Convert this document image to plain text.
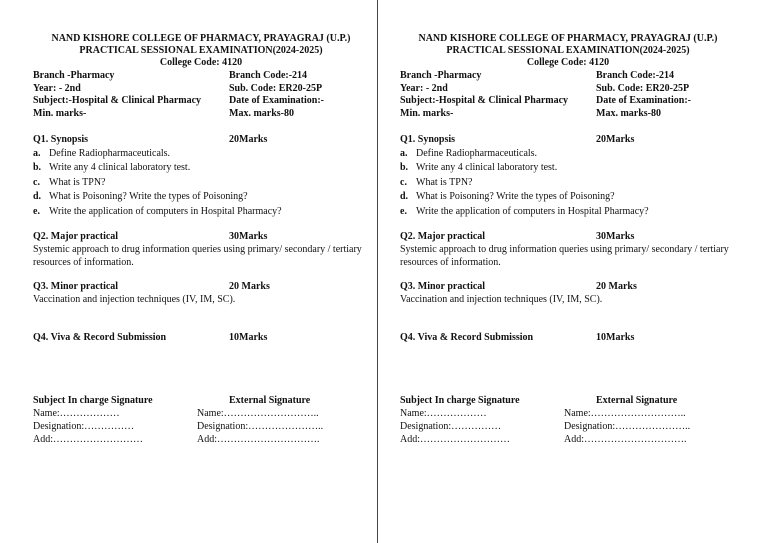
NAND KISHORE COLLEGE OF PHARMACY, PRAYAGRAJ (U.P.)
PRACTICAL SESSIONAL EXAMINATION(2024-2025)
College Code: 4120
Branch -Pharmacy	Branch Code:-214
Year: - 2nd	Sub. Code: ER20-25P
Subject:-Hospital & Clinical Pharmacy	Date of Examination:-
Min. marks-	Max. marks-80
Q1. Synopsis	20Marks
a. Define Radiopharmaceuticals.
b. Write any 4 clinical laboratory test.
c. What is TPN?
d. What is Poisoning? Write the types of Poisoning?
e. Write the application of computers in Hospital Pharmacy?
Q2. Major practical	30Marks
Systemic approach to drug information queries using primary/ secondary / tertiary resources of information.
Q3. Minor practical	20 Marks
Vaccination and injection techniques (IV, IM, SC).
Q4. Viva & Record Submission	10Marks
Subject In charge Signature	External Signature
Name:………………	Name:………………………..
Designation:……………	Designation:…………………..
Add:………………………	Add:………………………….
NAND KISHORE COLLEGE OF PHARMACY, PRAYAGRAJ (U.P.)
PRACTICAL SESSIONAL EXAMINATION(2024-2025)
College Code: 4120
Branch -Pharmacy	Branch Code:-214
Year: - 2nd	Sub. Code: ER20-25P
Subject:-Hospital & Clinical Pharmacy	Date of Examination:-
Min. marks-	Max. marks-80
Q1. Synopsis	20Marks
a. Define Radiopharmaceuticals.
b. Write any 4 clinical laboratory test.
c. What is TPN?
d. What is Poisoning? Write the types of Poisoning?
e. Write the application of computers in Hospital Pharmacy?
Q2. Major practical	30Marks
Systemic approach to drug information queries using primary/ secondary / tertiary resources of information.
Q3. Minor practical	20 Marks
Vaccination and injection techniques (IV, IM, SC).
Q4. Viva & Record Submission	10Marks
Subject In charge Signature	External Signature
Name:………………	Name:………………………..
Designation:……………	Designation:…………………..
Add:………………………	Add:………………………….
